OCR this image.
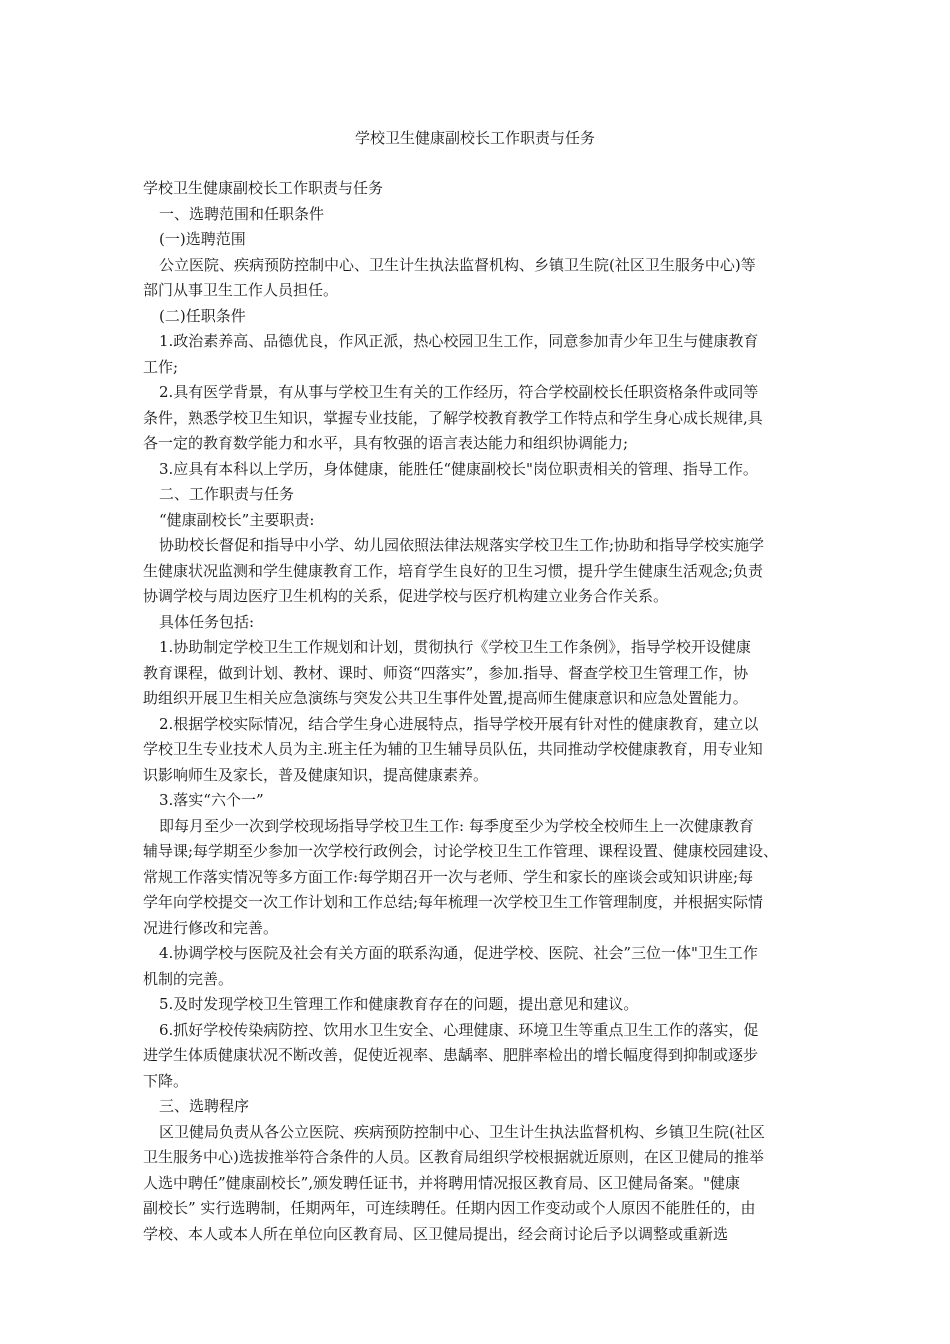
学校卫生健康副校长工作职责与任务
学校卫生健康副校长工作职责与任务
一、选聘范围和任职条件
(一)选聘范围
公立医院、疾病预防控制中心、卫生计生执法监督机构、乡镇卫生院(社区卫生服务中心)等
部门从事卫生工作人员担任。
(二)任职条件
1.政治素养高、品德优良，作风正派，热心校园卫生工作，同意参加青少年卫生与健康教育
工作;
2.具有医学背景，有从事与学校卫生有关的工作经历，符合学校副校长任职资格条件或同等
条件，熟悉学校卫生知识，掌握专业技能，了解学校教育教学工作特点和学生身心成长规律,具
各一定的教育数学能力和水平，具有牧强的语言表达能力和组织协调能力;
3.应具有本科以上学历，身体健康，能胜任“健康副校长"岗位职责相关的管理、指导工作。
二、工作职责与任务
“健康副校长”主要职责:
协助校长督促和指导中小学、幼儿园依照法律法规落实学校卫生工作;协助和指导学校实施学
生健康状况监测和学生健康教育工作，培育学生良好的卫生习惯，提升学生健康生活观念;负责
协调学校与周边医疗卫生机构的关系，促进学校与医疗机构建立业务合作关系。
具体任务包括:
1.协助制定学校卫生工作规划和计划，贯彻执行《学校卫生工作条例》，指导学校开设健康
教育课程，做到计划、教材、课时、师资“四落实”，参加.指导、督查学校卫生管理工作，协
助组织开展卫生相关应急演练与突发公共卫生事件处置,提高师生健康意识和应急处置能力。
2.根据学校实际情况，结合学生身心进展特点，指导学校开展有针对性的健康教育，建立以
学校卫生专业技术人员为主.班主任为辅的卫生辅导员队伍，共同推动学校健康教育，用专业知
识影响师生及家长，普及健康知识，提高健康素养。
3.落实“六个一”
即每月至少一次到学校现场指导学校卫生工作: 每季度至少为学校全校师生上一次健康教育
辅导课;每学期至少参加一次学校行政例会，讨论学校卫生工作管理、课程设置、健康校园建设、
常规工作落实情况等多方面工作:每学期召开一次与老师、学生和家长的座谈会或知识讲座;每
学年向学校提交一次工作计划和工作总结;每年梳理一次学校卫生工作管理制度，并根据实际情
况进行修改和完善。
4.协调学校与医院及社会有关方面的联系沟通，促进学校、医院、社会”三位一体"卫生工作
机制的完善。
5.及时发现学校卫生管理工作和健康教育存在的问题，提出意见和建议。
6.抓好学校传染病防控、饮用水卫生安全、心理健康、环境卫生等重点卫生工作的落实，促
进学生体质健康状况不断改善，促使近视率、患龋率、肥胖率检出的增长幅度得到抑制或逐步
下降。
三、选聘程序
区卫健局负责从各公立医院、疾病预防控制中心、卫生计生执法监督机构、乡镇卫生院(社区
卫生服务中心)选拔推举符合条件的人员。区教育局组织学校根据就近原则，在区卫健局的推举
人选中聘任”健康副校长”,颁发聘任证书，并将聘用情况报区教育局、区卫健局备案。"健康
副校长” 实行选聘制，任期两年，可连续聘任。任期内因工作变动或个人原因不能胜任的，由
学校、本人或本人所在单位向区教育局、区卫健局提出，经会商讨论后予以调整或重新选
